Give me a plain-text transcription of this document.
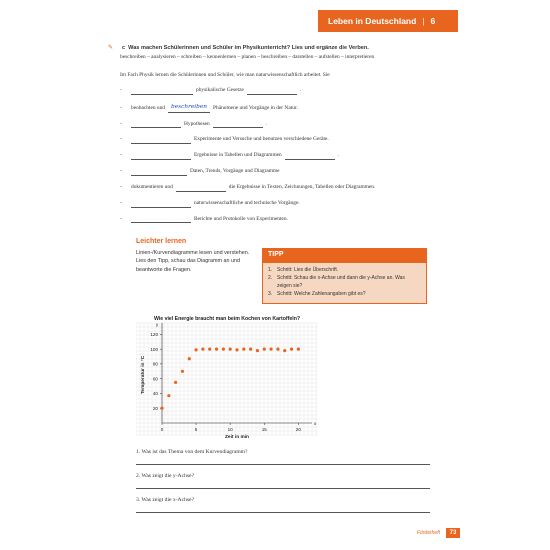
Leben in Deutschland | 6
✎	c Was machen Schülerinnen und Schüler im Physikunterricht? Lies und ergänze die Verben.
beschreiben – analysieren – schreiben – kennenlernen – planen – beschreiben – darstellen – aufstellen – interpretieren
Im Fach Physik lernen die Schülerinnen und Schüler, wie man naturwissenschaftlich arbeitet. Sie
-	physikalische Gesetze	.
-	beobachten und	beschreiben	Phänomene und Vorgänge in der Natur.
-	Hypothesen	.
-	Experimente und Versuche und benutzen verschiedene Geräte.
-	Ergebnisse in Tabellen und Diagrammen	.
-	Daten, Trends, Vorgänge und Diagramme
-	dokumentieren und	die Ergebnisse in Texten, Zeichnungen, Tabellen oder Diagrammen.
-	naturwissenschaftliche und technische Vorgänge.
-	Berichte und Protokolle von Experimenten.
Leichter lernen
Linien-/Kurvendiagramme lesen und verstehen. Lies den Tipp, schau das Diagramm an und beantworte die Fragen.
TIPP
1. Schritt: Lies die Überschrift.
2. Schritt: Schau die x-Achse und dann die y-Achse an. Was zeigen sie?
3. Schritt: Welche Zahlenangaben gibt es?
Wie viel Energie braucht man beim Kochen von Kartoffeln?
x
y
0	5	10	15	20
20
40
60
80
100
120
Zeit in min
Temperatur in °C
1. Was ist das Thema von dem Kurvendiagramm?
2. Was zeigt die y-Achse?
3. Was zeigt die x-Achse?
Förderheft	73
